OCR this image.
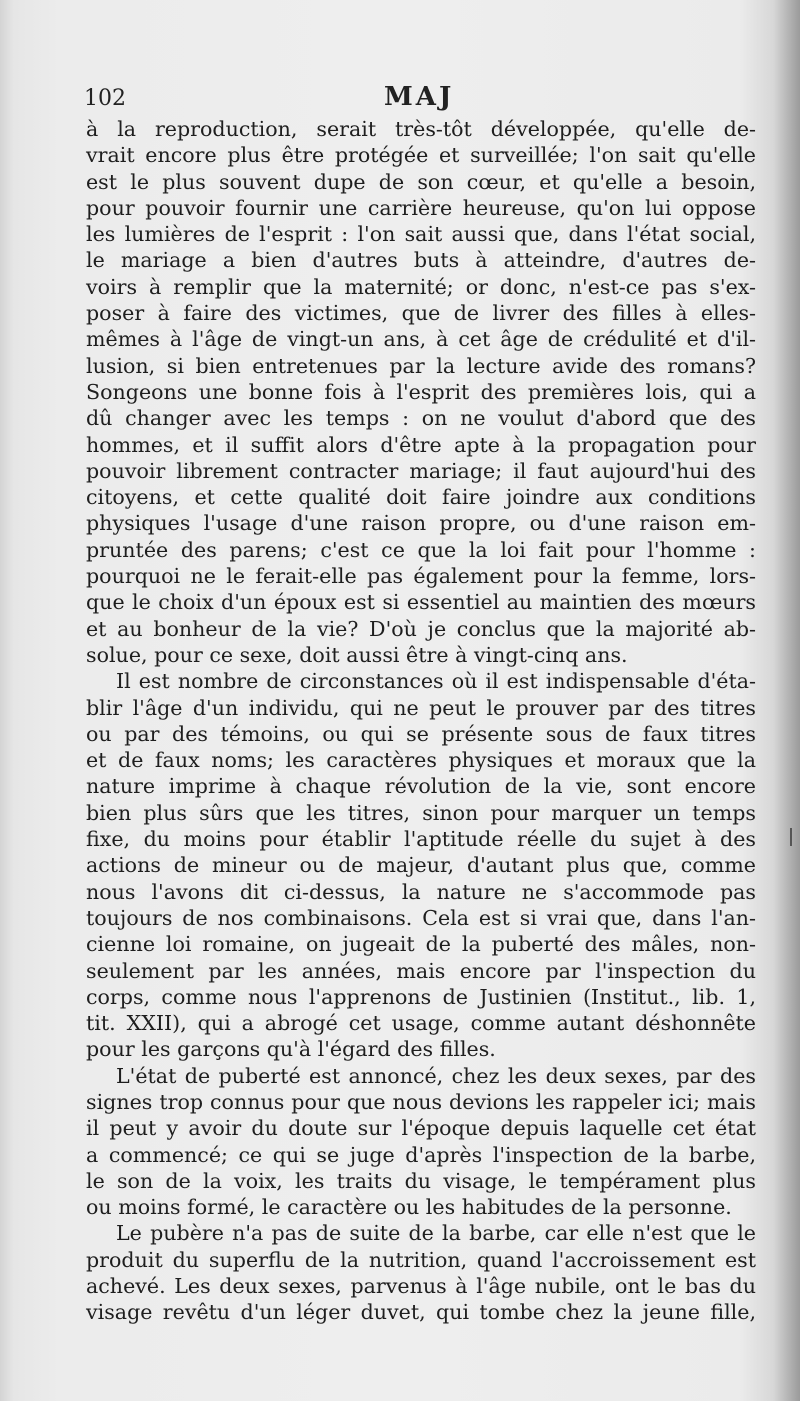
102	MAJ
à la reproduction, serait très-tôt développée, qu'elle de-
vrait encore plus être protégée et surveillée; l'on sait qu'elle
est le plus souvent dupe de son cœur, et qu'elle a besoin,
pour pouvoir fournir une carrière heureuse, qu'on lui oppose
les lumières de l'esprit : l'on sait aussi que, dans l'état social,
le mariage a bien d'autres buts à atteindre, d'autres de-
voirs à remplir que la maternité; or donc, n'est-ce pas s'ex-
poser à faire des victimes, que de livrer des filles à elles-
mêmes à l'âge de vingt-un ans, à cet âge de crédulité et d'il-
lusion, si bien entretenues par la lecture avide des romans?
Songeons une bonne fois à l'esprit des premières lois, qui a
dû changer avec les temps : on ne voulut d'abord que des
hommes, et il suffit alors d'être apte à la propagation pour
pouvoir librement contracter mariage; il faut aujourd'hui des
citoyens, et cette qualité doit faire joindre aux conditions
physiques l'usage d'une raison propre, ou d'une raison em-
pruntée des parens; c'est ce que la loi fait pour l'homme :
pourquoi ne le ferait-elle pas également pour la femme, lors-
que le choix d'un époux est si essentiel au maintien des mœurs
et au bonheur de la vie? D'où je conclus que la majorité ab-
solue, pour ce sexe, doit aussi être à vingt-cinq ans.
Il est nombre de circonstances où il est indispensable d'éta-
blir l'âge d'un individu, qui ne peut le prouver par des titres
ou par des témoins, ou qui se présente sous de faux titres
et de faux noms; les caractères physiques et moraux que la
nature imprime à chaque révolution de la vie, sont encore
bien plus sûrs que les titres, sinon pour marquer un temps
fixe, du moins pour établir l'aptitude réelle du sujet à des
actions de mineur ou de majeur, d'autant plus que, comme
nous l'avons dit ci-dessus, la nature ne s'accommode pas
toujours de nos combinaisons. Cela est si vrai que, dans l'an-
cienne loi romaine, on jugeait de la puberté des mâles, non-
seulement par les années, mais encore par l'inspection du
corps, comme nous l'apprenons de Justinien (Institut., lib. 1,
tit. XXII), qui a abrogé cet usage, comme autant déshonnête
pour les garçons qu'à l'égard des filles.
L'état de puberté est annoncé, chez les deux sexes, par des
signes trop connus pour que nous devions les rappeler ici; mais
il peut y avoir du doute sur l'époque depuis laquelle cet état
a commencé; ce qui se juge d'après l'inspection de la barbe,
le son de la voix, les traits du visage, le tempérament plus
ou moins formé, le caractère ou les habitudes de la personne.
Le pubère n'a pas de suite de la barbe, car elle n'est que le
produit du superflu de la nutrition, quand l'accroissement est
achevé. Les deux sexes, parvenus à l'âge nubile, ont le bas du
visage revêtu d'un léger duvet, qui tombe chez la jeune fille,
